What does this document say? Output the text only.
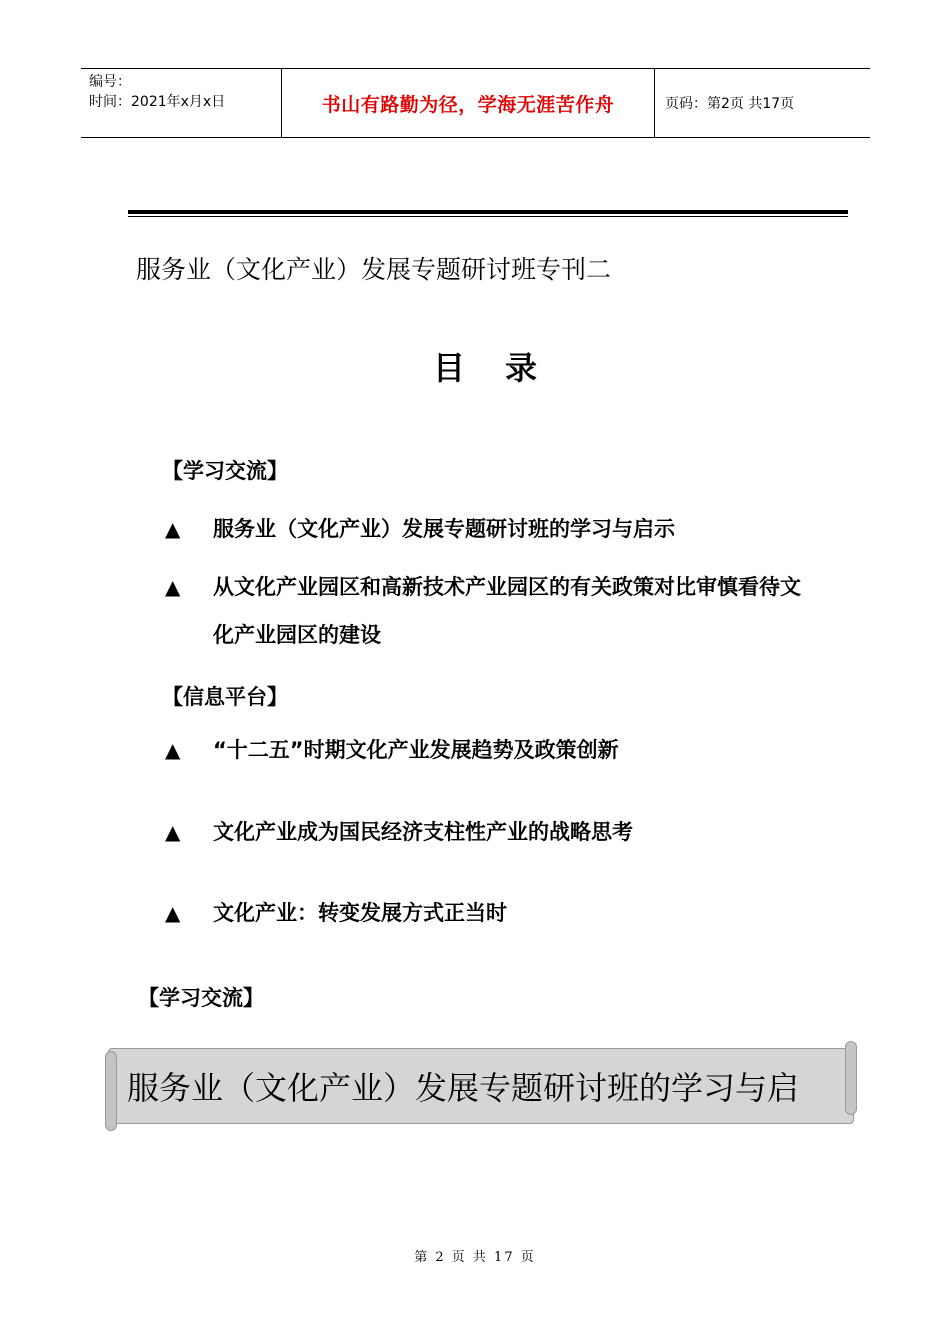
编号：
时间：2021年x月x日	书山有路勤为径，学海无涯苦作舟	页码：第2页 共17页
服务业（文化产业）发展专题研讨班专刊二
目录
【学习交流】
▲	服务业（文化产业）发展专题研讨班的学习与启示
▲	从文化产业园区和高新技术产业园区的有关政策对比审慎看待文化产业园区的建设
【信息平台】
▲	“十二五”时期文化产业发展趋势及政策创新
▲	文化产业成为国民经济支柱性产业的战略思考
▲	文化产业：转变发展方式正当时
【学习交流】
服务业（文化产业）发展专题研讨班的学习与启
第 2 页 共 17 页
